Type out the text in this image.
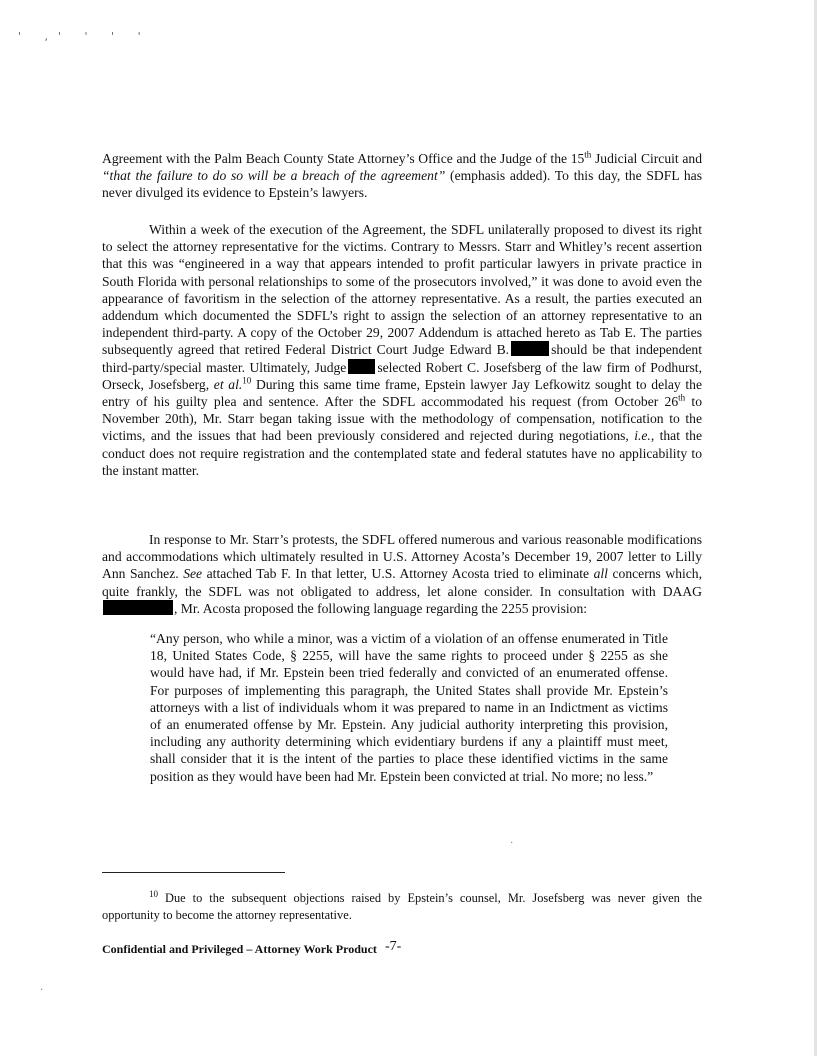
' ,' ' ' '

Agreement with the Palm Beach County State Attorney’s Office and the Judge of the 15th Judicial Circuit and “that the failure to do so will be a breach of the agreement” (emphasis added). To this day, the SDFL has never divulged its evidence to Epstein’s lawyers.

Within a week of the execution of the Agreement, the SDFL unilaterally proposed to divest its right to select the attorney representative for the victims. Contrary to Messrs. Starr and Whitley’s recent assertion that this was “engineered in a way that appears intended to profit particular lawyers in private practice in South Florida with personal relationships to some of the prosecutors involved,” it was done to avoid even the appearance of favoritism in the selection of the attorney representative. As a result, the parties executed an addendum which documented the SDFL’s right to assign the selection of an attorney representative to an independent third-party. A copy of the October 29, 2007 Addendum is attached hereto as Tab E. The parties subsequently agreed that retired Federal District Court Judge Edward B.	should be that independent third-party/special master. Ultimately, Judge selected Robert C. Josefsberg of the law firm of Podhurst, Orseck, Josefsberg, et al.$^{10}$ During this same time frame, Epstein lawyer Jay Lefkowitz sought to delay the entry of his guilty plea and sentence. After the SDFL accommodated his request (from October 26th to November 20th), Mr. Starr began taking issue with the methodology of compensation, notification to the victims, and the issues that had been previously considered and rejected during negotiations, i.e., that the conduct does not require registration and the contemplated state and federal statutes have no applicability to the instant matter.

In response to Mr. Starr’s protests, the SDFL offered numerous and various reasonable modifications and accommodations which ultimately resulted in U.S. Attorney Acosta’s December 19, 2007 letter to Lilly Ann Sanchez. See attached Tab F. In that letter, U.S. Attorney Acosta tried to eliminate all concerns which, quite frankly, the SDFL was not obligated to address, let alone consider. In consultation with DAAG , Mr. Acosta proposed the following language regarding the 2255 provision:

“Any person, who while a minor, was a victim of a violation of an offense enumerated in Title 18, United States Code, § 2255, will have the same rights to proceed under § 2255 as she would have had, if Mr. Epstein been tried federally and convicted of an enumerated offense. For purposes of implementing this paragraph, the United States shall provide Mr. Epstein’s attorneys with a list of individuals whom it was prepared to name in an Indictment as victims of an enumerated offense by Mr. Epstein. Any judicial authority interpreting this provision, including any authority determining which evidentiary burdens if any a plaintiff must meet, shall consider that it is the intent of the parties to place these identified victims in the same position as they would have been had Mr. Epstein been convicted at trial. No more; no less.”

$^{10}$ Due to the subsequent objections raised by Epstein’s counsel, Mr. Josefsberg was never given the opportunity to become the attorney representative.

Confidential and Privileged – Attorney Work Product -7-
·
·
